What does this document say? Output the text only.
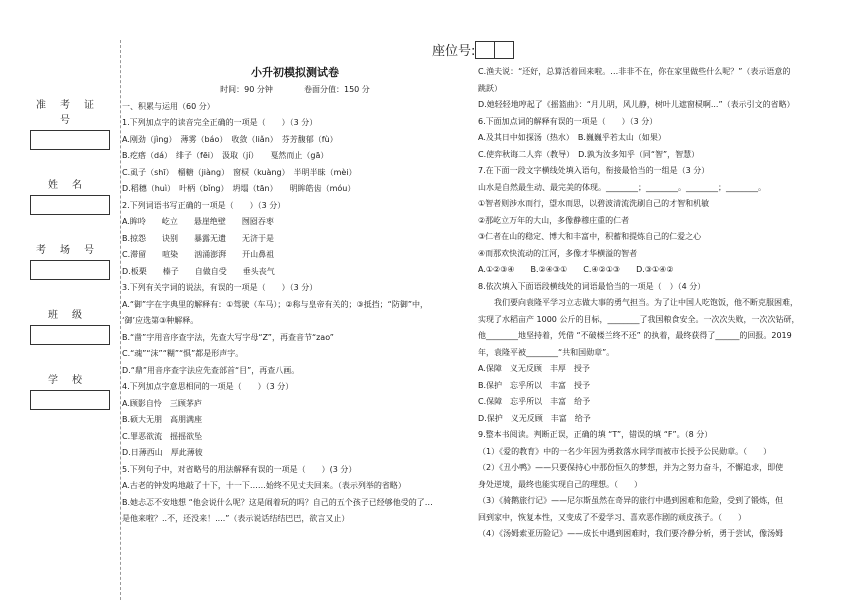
座位号:
准考证号
姓名
考场号
班级
学校
小升初模拟测试卷
时间：90 分钟	卷面分值：150 分

一、积累与运用（60 分）

1.下列加点字的读音完全正确的一项是（　　）（3 分）

A.刚劲（jìng）　薄雾（báo）　收敛（liǎn）　芬芳馥郁（fù）

B.疙瘩（dá）　绯子（fēi）　汲取（jí）　　戛然而止（gā）

C.虱子（shī）　榴糖（jiàng）　窗棂（kuàng）　半明半昧（mèi）

D.稻穗（huì）　叶柄（bǐng）　坍塌（tān）　　明眸皓齿（móu）

2.下列词语书写正确的一项是（　　）（3 分）

A.眸呤　　屹立　　悬崖绝壁　　囫囵吞枣

B.掠怨　　诀别　　暴露无遗　　无济于是

C.滞留　　喧染　　汹涌澎湃　　开山鼻祖

D.板栗　　榛子　　自做自受　　垂头丧气

3.下列有关字词的说法，有误的一项是（　　）（3 分）

A.“御”字在字典里的解释有：①驾驶（车马）；②称与皇帝有关的；③抵挡；“防御”中，

‘御’应选第③种解释。

B.“凿”字用音序查字法，先查大写字母“Z”，再查音节“zao”

C.“魂”“沫”“糊”“惧”都是形声字。

D.“鼎”用音序查字法应先查部首“目”，再查八画。

4.下列加点字意思相同的一项是（　　）（3 分）

A.顾影自怜　三顾茅庐

B.硕大无朋　高朋满座

C.罪恶欲流　摇摇欲坠

D.日薄西山　厚此薄彼

5.下列句子中，对省略号的用法解释有误的一项是（　　）(3 分）

A.古老的钟发呜地敲了十下，十一下……始终不见丈夫回来。（表示列举的省略）

B.她忐忑不安地想 “他会说什么呢？这是闹着玩的吗？自己的五个孩子已经够他受的了…

是他来啦？..不，还没来！....”（表示说话结结巴巴，欲言又止）

C.渔夫说：“还好，总算活着回来啦。…非非不在，你在家里做些什么呢？”（表示语意的

跳跃）

D.她轻轻地哼起了《摇篮曲》：“月儿明，风儿静，树叶儿遮窗棂啊...”（表示引文的省略）

6.下面加点词的解释有误的一项是（　　）（3 分）

A.及其日中如探汤（热水）　B.巍巍乎若太山（如果）

C.使弈秋诲二人弈（教导）　D.孰为汝多知乎（同“智”，智慧）

7.在下面一段文字横线处填入语句，衔接最恰当的一组是（3 分）

山水是自然最生动、最完美的体现。________；________。________；________。

①智者则涉水而行，望水而思，以碧波清流洗刷自己的才智和机敏

②那屹立万年的大山，多像静穆庄重的仁者

③仁者在山的稳定、博大和丰富中，积蓄和提炼自己的仁爱之心

④而那欢快流动的江河，多像才华横溢的智者

A.①②③④　　B.②④③①　　C.④②①③　　D.③①④②

8.依次填入下面语段横线处的词语最恰当的一项是（　）（4 分）

　　我们要向袁隆平学习立志做大事的勇气担当。为了让中国人吃饱饭，他不断克服困难，

实现了水稻亩产 1000 公斤的目标，________了我国粮食安全。一次次失败，一次次钻研，

他________地坚持着，凭借 “不破楼兰终不还” 的执着，最终获得了______的回报。2019

年，袁隆平被________“共和国勋章”。

A.保障　义无反顾　丰厚　授予

B.保护　忘乎所以　丰富　授予

C.保障　忘乎所以　丰富　给予

D.保护　义无反顾　丰富　给予

9.整本书阅读。判断正误，正确的填 “T”，错误的填 “F”。（8 分）

（1）《爱的教育》中的一名少年因为勇救落水同学而被市长授予公民勋章。（　　）

（2）《丑小鸭》——只要保持心中那份恒久的梦想，并为之努力奋斗，不懈追求，即使

身处逆境，最终也能实现自己的理想。（　　）

（3）《骑鹅旅行记》——尼尔斯虽然在奇异的旅行中遇到困难和危险，受到了锻炼，但

回到家中，恢复本性，又变成了不爱学习、喜欢恶作剧的顽皮孩子。（　　）

（4）《汤姆索亚历险记》——成长中遇到困难时，我们要冷静分析，勇于尝试，像汤姆
